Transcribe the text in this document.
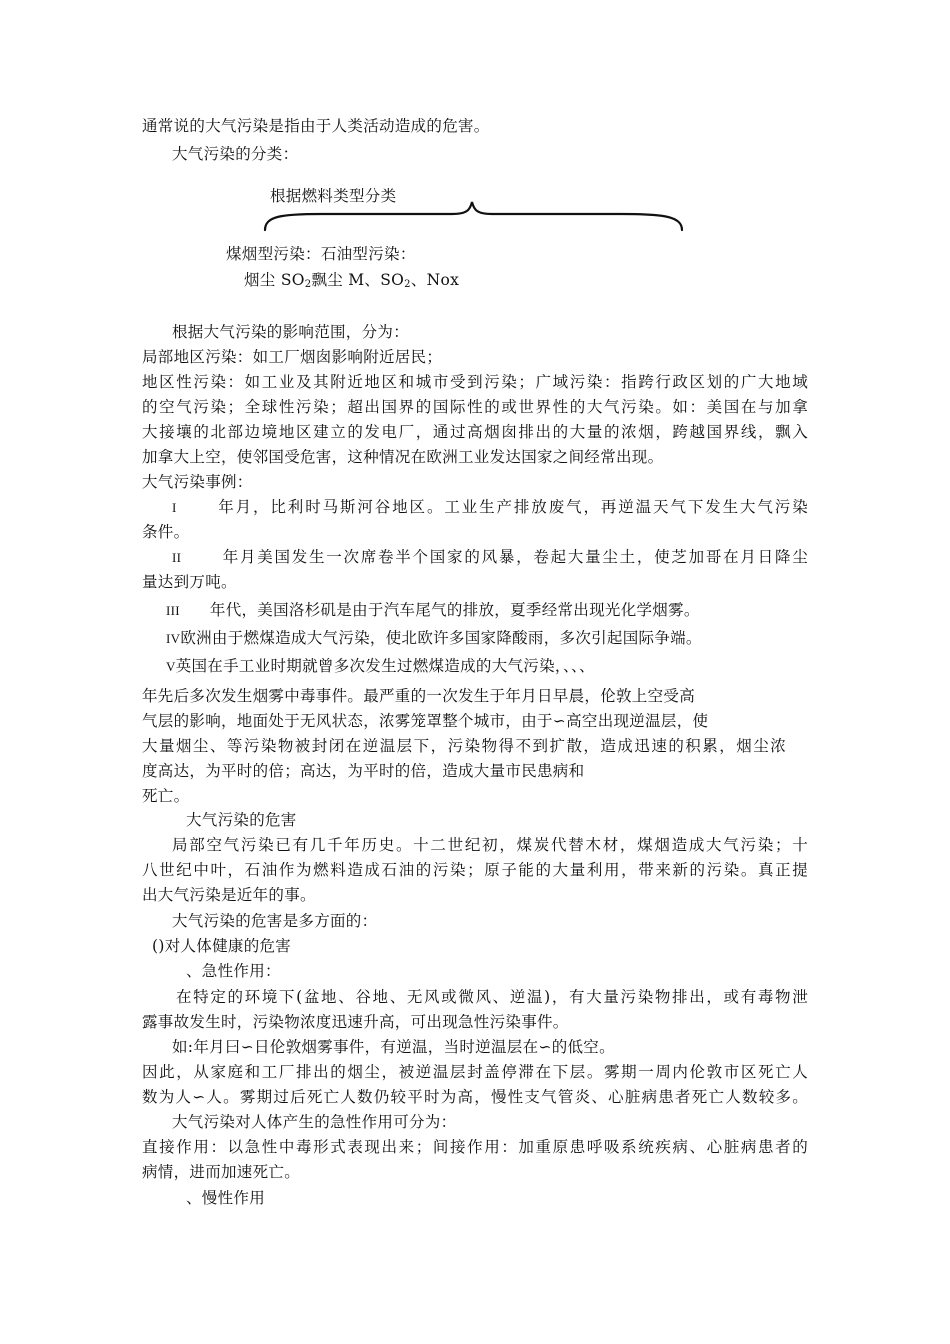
通常说的大气污染是指由于人类活动造成的危害。
大气污染的分类：
根据燃料类型分类
煤烟型污染：石油型污染：
烟尘 $SO_2$飘尘 M、$SO_2$、Nox
根据大气污染的影响范围，分为：
局部地区污染：如工厂烟囱影响附近居民；
地区性污染：如工业及其附近地区和城市受到污染；广域污染：指跨行政区划的广大地域
的空气污染；全球性污染；超出国界的国际性的或世界性的大气污染。如：美国在与加拿
大接壤的北部边境地区建立的发电厂，通过高烟囱排出的大量的浓烟，跨越国界线，飘入
加拿大上空，使邻国受危害，这种情况在欧洲工业发达国家之间经常出现。
大气污染事例：
I	年月，比利时马斯河谷地区。工业生产排放废气，再逆温天气下发生大气污染
条件。
II	年月美国发生一次席卷半个国家的风暴，卷起大量尘土，使芝加哥在月日降尘
量达到万吨。
III 年代，美国洛杉矶是由于汽车尾气的排放，夏季经常出现光化学烟雾。
IV欧洲由于燃煤造成大气污染，使北欧许多国家降酸雨，多次引起国际争端。
V英国在手工业时期就曾多次发生过燃煤造成的大气污染，、、、
年先后多次发生烟雾中毒事件。最严重的一次发生于年月日早晨，伦敦上空受高
气层的影响，地面处于无风状态，浓雾笼罩整个城市，由于∽高空出现逆温层，使
大量烟尘、等污染物被封闭在逆温层下，污染物得不到扩散，造成迅速的积累，烟尘浓
度高达，为平时的倍；高达，为平时的倍，造成大量市民患病和
死亡。
大气污染的危害
局部空气污染已有几千年历史。十二世纪初，煤炭代替木材，煤烟造成大气污染；十
八世纪中叶，石油作为燃料造成石油的污染；原子能的大量利用，带来新的污染。真正提
出大气污染是近年的事。
大气污染的危害是多方面的：
()对人体健康的危害
、急性作用：
在特定的环境下(盆地、谷地、无风或微风、逆温)，有大量污染物排出，或有毒物泄
露事故发生时，污染物浓度迅速升高，可出现急性污染事件。
如:年月曰∽日伦敦烟雾事件，有逆温，当时逆温层在∽的低空。
因此，从家庭和工厂排出的烟尘，被逆温层封盖停滞在下层。雾期一周内伦敦市区死亡人
数为人∽人。雾期过后死亡人数仍较平时为高，慢性支气管炎、心脏病患者死亡人数较多。
大气污染对人体产生的急性作用可分为：
直接作用：以急性中毒形式表现出来；间接作用：加重原患呼吸系统疾病、心脏病患者的
病情，进而加速死亡。
、慢性作用
